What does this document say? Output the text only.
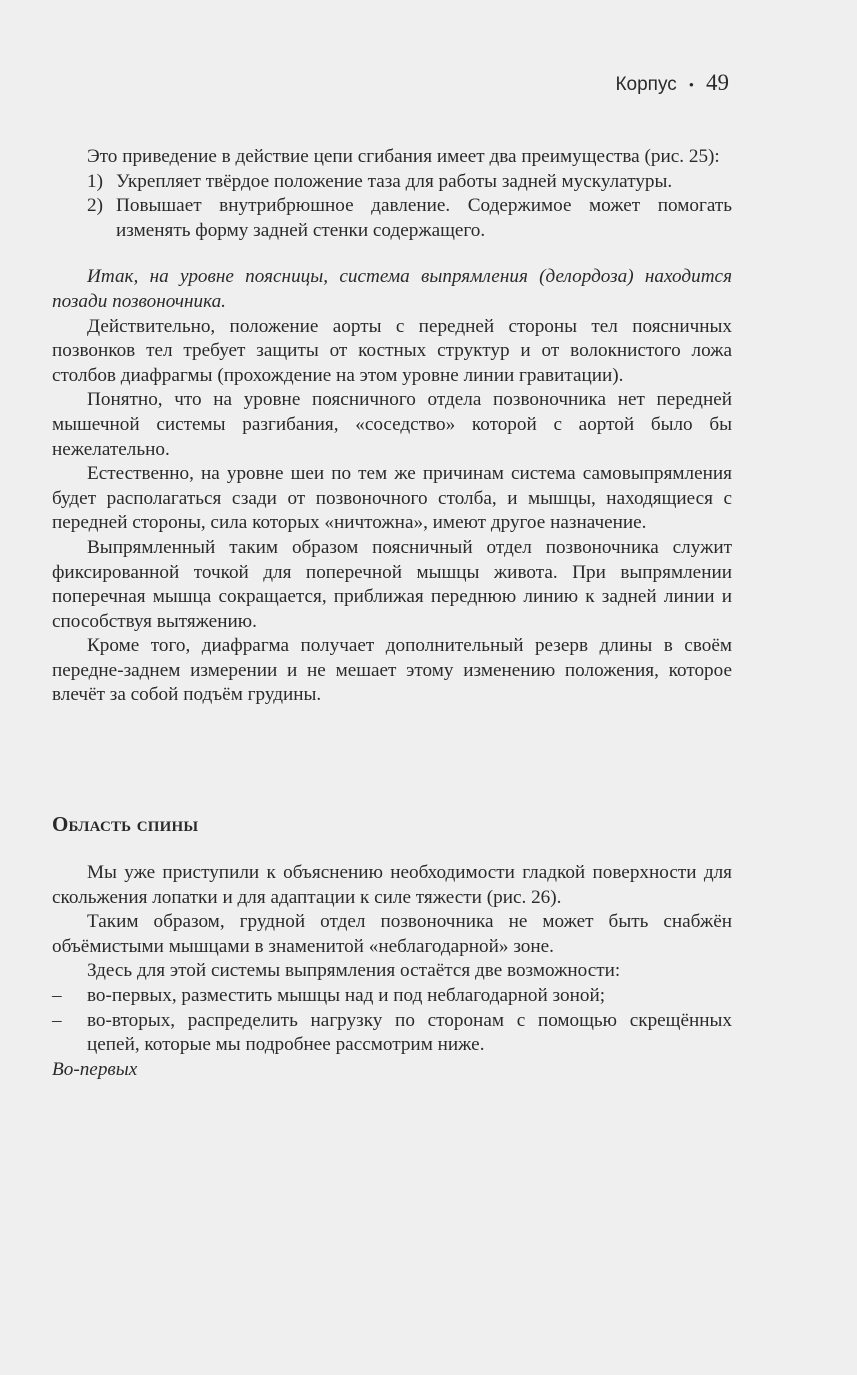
Корпус • 49

Это приведение в действие цепи сгибания имеет два преимущества (рис. 25):

1) Укрепляет твёрдое положение таза для работы задней мускулатуры.
2) Повышает внутрибрюшное давление. Содержимое может помогать изменять форму задней стенки содержащего.

Итак, на уровне поясницы, система выпрямления (делордоза) находится позади позвоночника.

Действительно, положение аорты с передней стороны тел поясничных позвонков тел требует защиты от костных структур и от волокнистого ложа столбов диафрагмы (прохождение на этом уровне линии гравитации).

Понятно, что на уровне поясничного отдела позвоночника нет передней мышечной системы разгибания, «соседство» которой с аортой было бы нежелательно.

Естественно, на уровне шеи по тем же причинам система самовыпрямления будет располагаться сзади от позвоночного столба, и мышцы, находящиеся с передней стороны, сила которых «ничтожна», имеют другое назначение.

Выпрямленный таким образом поясничный отдел позвоночника служит фиксированной точкой для поперечной мышцы живота. При выпрямлении поперечная мышца сокращается, приближая переднюю линию к задней линии и способствуя вытяжению.

Кроме того, диафрагма получает дополнительный резерв длины в своём передне-заднем измерении и не мешает этому изменению положения, которое влечёт за собой подъём грудины.

Область спины

Мы уже приступили к объяснению необходимости гладкой поверхности для скольжения лопатки и для адаптации к силе тяжести (рис. 26).

Таким образом, грудной отдел позвоночника не может быть снабжён объёмистыми мышцами в знаменитой «неблагодарной» зоне.

Здесь для этой системы выпрямления остаётся две возможности:

– во-первых, разместить мышцы над и под неблагодарной зоной;
– во-вторых, распределить нагрузку по сторонам с помощью скрещённых цепей, которые мы подробнее рассмотрим ниже.

Во-первых
